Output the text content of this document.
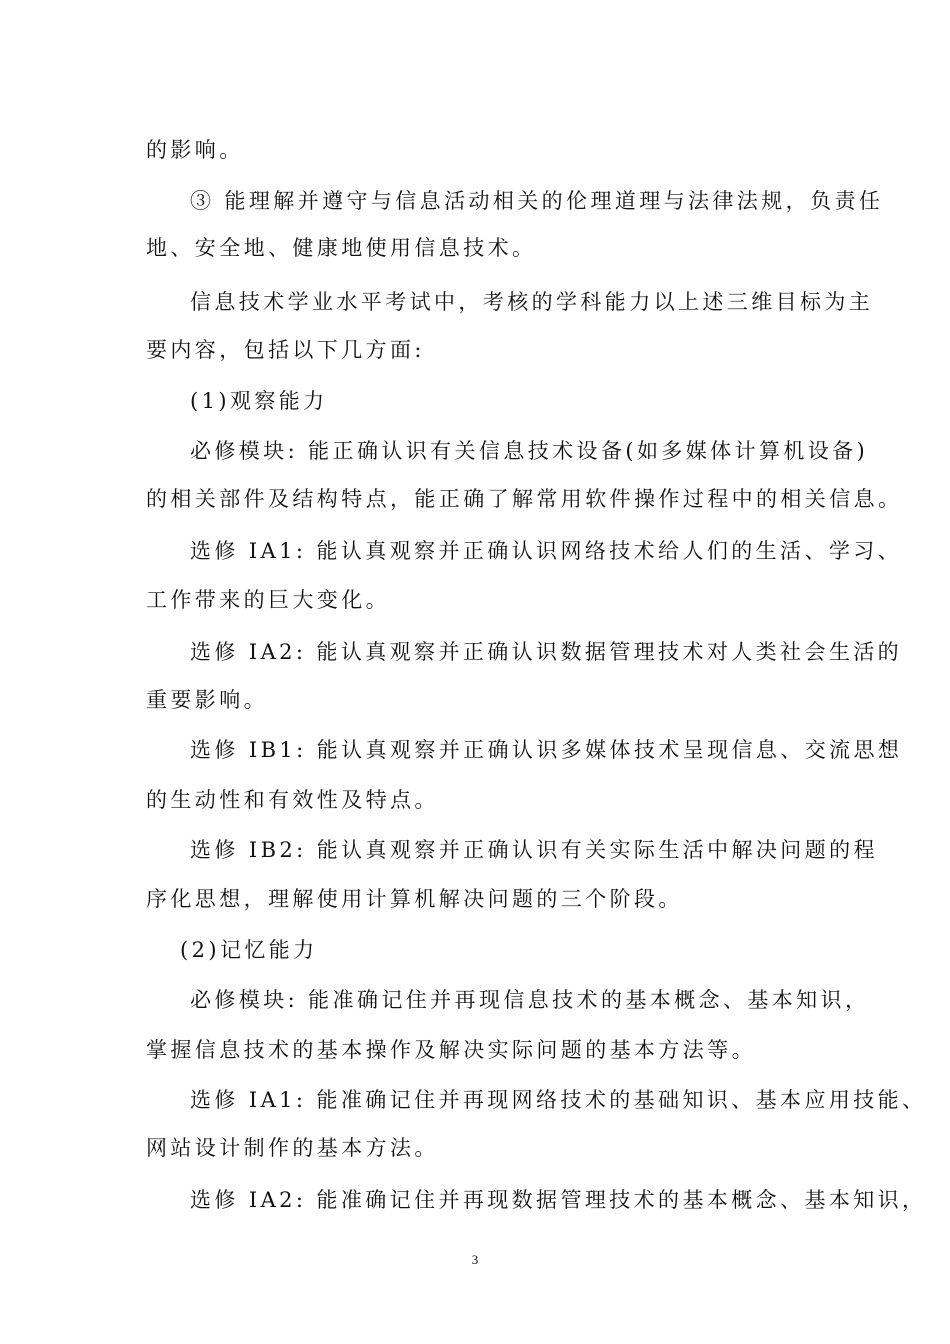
的影响。
③ 能理解并遵守与信息活动相关的伦理道理与法律法规，负责任
地、安全地、健康地使用信息技术。
信息技术学业水平考试中，考核的学科能力以上述三维目标为主
要内容，包括以下几方面:
(1)观察能力
必修模块: 能正确认识有关信息技术设备(如多媒体计算机设备)
的相关部件及结构特点，能正确了解常用软件操作过程中的相关信息。
选修 IA1: 能认真观察并正确认识网络技术给人们的生活、学习、
工作带来的巨大变化。
选修 IA2: 能认真观察并正确认识数据管理技术对人类社会生活的
重要影响。
选修 IB1: 能认真观察并正确认识多媒体技术呈现信息、交流思想
的生动性和有效性及特点。
选修 IB2: 能认真观察并正确认识有关实际生活中解决问题的程
序化思想，理解使用计算机解决问题的三个阶段。
(2)记忆能力
必修模块: 能准确记住并再现信息技术的基本概念、基本知识，
掌握信息技术的基本操作及解决实际问题的基本方法等。
选修 IA1: 能准确记住并再现网络技术的基础知识、基本应用技能、
网站设计制作的基本方法。
选修 IA2: 能准确记住并再现数据管理技术的基本概念、基本知识，
3
